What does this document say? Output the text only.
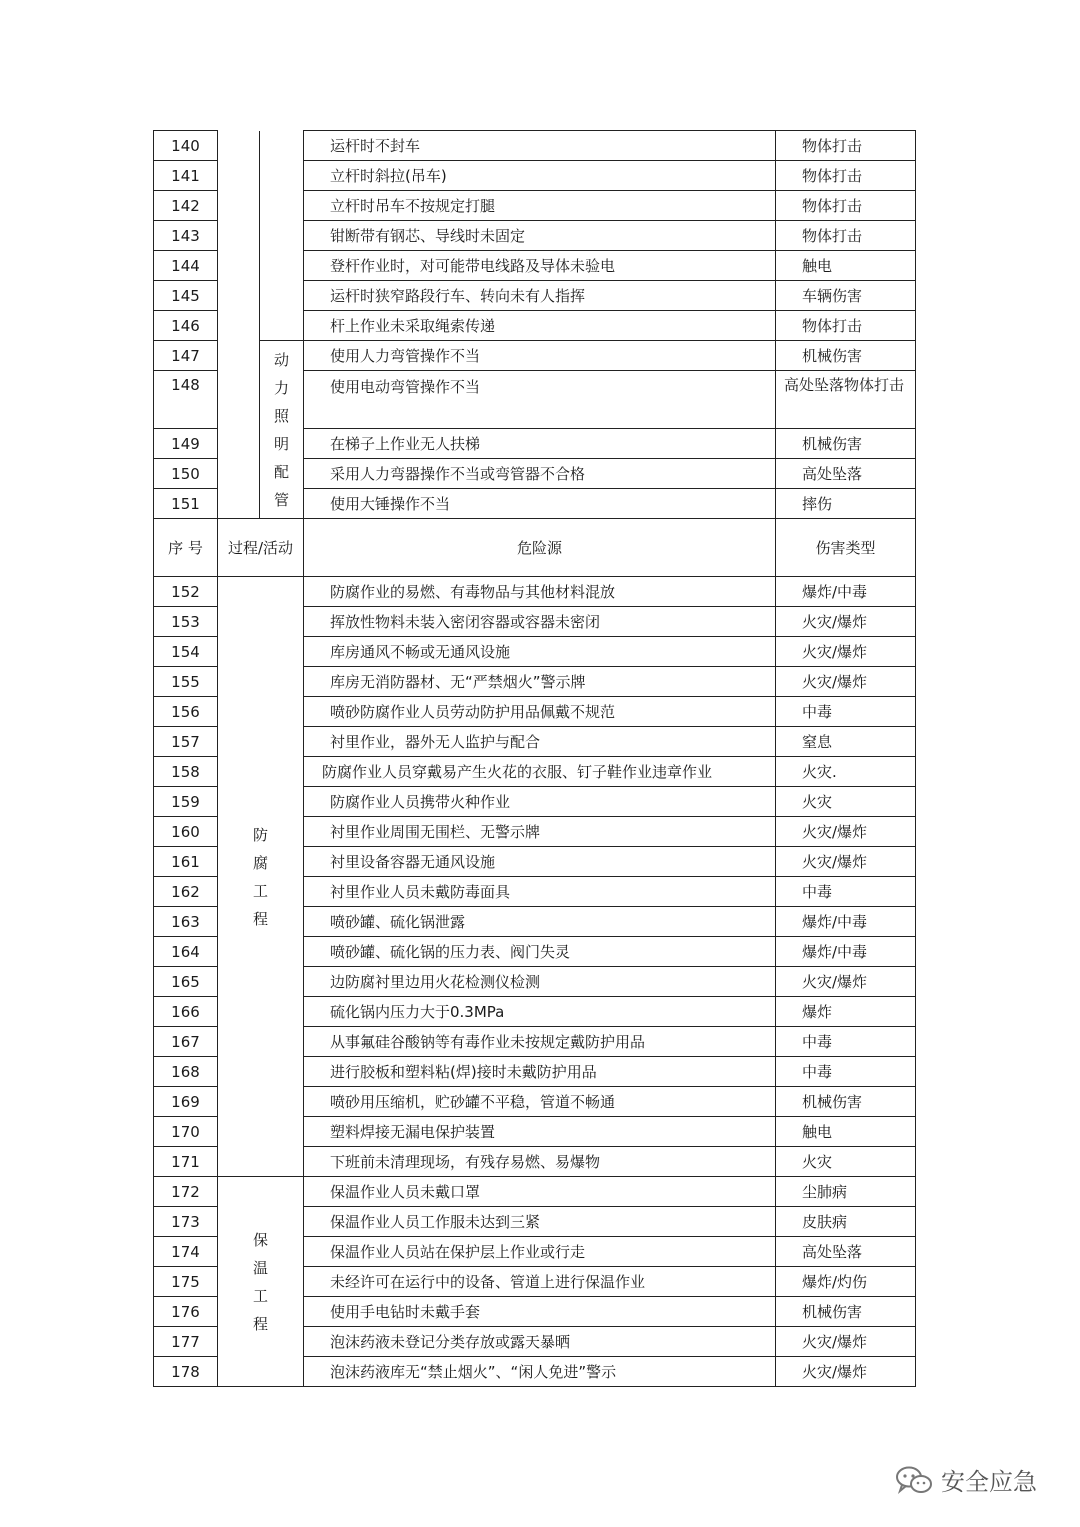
140			运杆时不封车	物体打击
141			立杆时斜拉(吊车)	物体打击
142			立杆时吊车不按规定打腿	物体打击
143			钳断带有钢芯、导线时未固定	物体打击
144			登杆作业时，对可能带电线路及导体未验电	触电
145			运杆时狭窄路段行车、转向未有人指挥	车辆伤害
146			杆上作业未采取绳索传递	物体打击
147		动力照明配管	使用人力弯管操作不当	机械伤害
148			使用电动弯管操作不当	高处坠落物体打击
149			在梯子上作业无人扶梯	机械伤害
150			采用人力弯器操作不当或弯管器不合格	高处坠落
151			使用大锤操作不当	摔伤
序 号	过程/活动		危险源	伤害类型
152	防腐工程		防腐作业的易燃、有毒物品与其他材料混放	爆炸/中毒
153			挥放性物料未装入密闭容器或容器未密闭	火灾/爆炸
154			库房通风不畅或无通风设施	火灾/爆炸
155			库房无消防器材、无“严禁烟火”警示牌	火灾/爆炸
156			喷砂防腐作业人员劳动防护用品佩戴不规范	中毒
157			衬里作业，器外无人监护与配合	窒息
158			防腐作业人员穿戴易产生火花的衣服、钉子鞋作业违章作业	火灾.
159			防腐作业人员携带火种作业	火灾
160			衬里作业周围无围栏、无警示牌	火灾/爆炸
161			衬里设备容器无通风设施	火灾/爆炸
162			衬里作业人员未戴防毒面具	中毒
163			喷砂罐、硫化锅泄露	爆炸/中毒
164			喷砂罐、硫化锅的压力表、阀门失灵	爆炸/中毒
165			边防腐衬里边用火花检测仪检测	火灾/爆炸
166			硫化锅内压力大于0.3MPa	爆炸
167			从事氟硅谷酸钠等有毒作业未按规定戴防护用品	中毒
168			进行胶板和塑料粘(焊)接时未戴防护用品	中毒
169			喷砂用压缩机，贮砂罐不平稳，管道不畅通	机械伤害
170			塑料焊接无漏电保护装置	触电
171			下班前未清理现场，有残存易燃、易爆物	火灾
172	保温工程		保温作业人员未戴口罩	尘肺病
173			保温作业人员工作服未达到三紧	皮肤病
174			保温作业人员站在保护层上作业或行走	高处坠落
175			未经许可在运行中的设备、管道上进行保温作业	爆炸/灼伤
176			使用手电钻时未戴手套	机械伤害
177			泡沫药液未登记分类存放或露天暴晒	火灾/爆炸
178			泡沫药液库无“禁止烟火”、“闲人免进”警示	火灾/爆炸
安全应急
